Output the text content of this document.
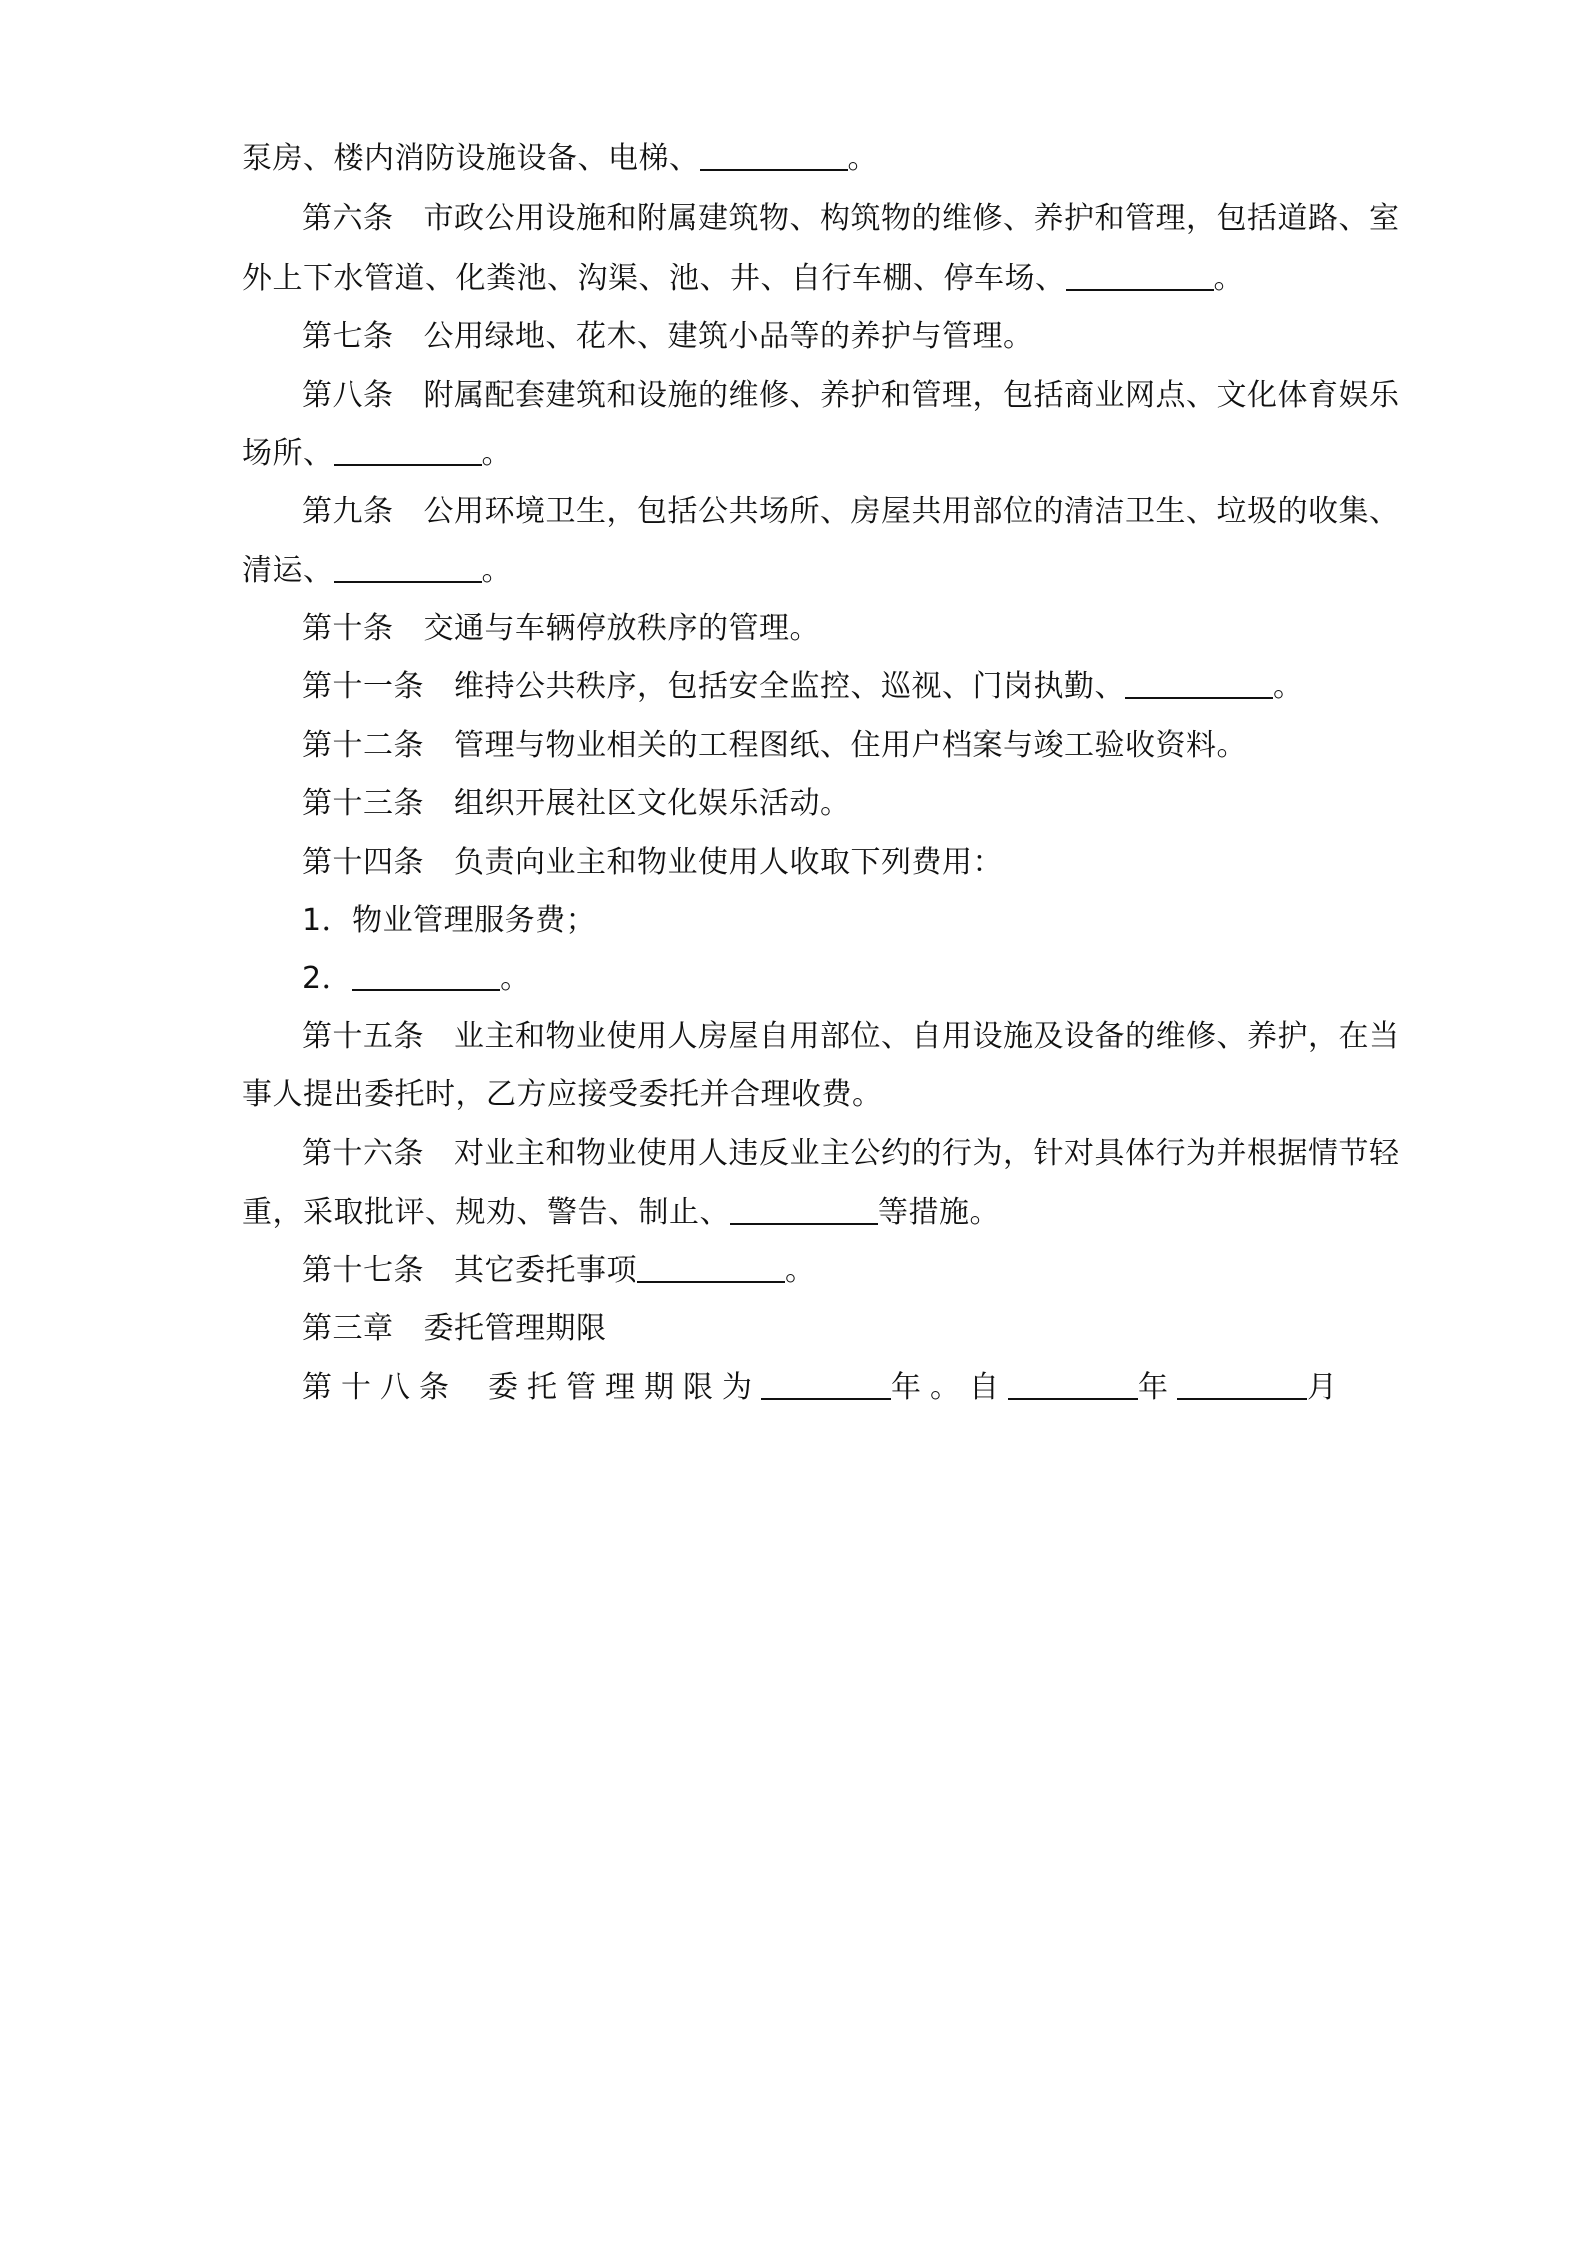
泵房、楼内消防设施设备、电梯、	。
第六条 市政公用设施和附属建筑物、构筑物的维修、养护和管理，包括道路、室
外上下水管道、化粪池、沟渠、池、井、自行车棚、停车场、	。
第七条 公用绿地、花木、建筑小品等的养护与管理。
第八条 附属配套建筑和设施的维修、养护和管理，包括商业网点、文化体育娱乐
场所、	。
第九条 公用环境卫生，包括公共场所、房屋共用部位的清洁卫生、垃圾的收集、
清运、	。
第十条 交通与车辆停放秩序的管理。
第十一条 维持公共秩序，包括安全监控、巡视、门岗执勤、	。
第十二条 管理与物业相关的工程图纸、住用户档案与竣工验收资料。
第十三条 组织开展社区文化娱乐活动。
第十四条 负责向业主和物业使用人收取下列费用：
1．物业管理服务费；
2．	。
第十五条 业主和物业使用人房屋自用部位、自用设施及设备的维修、养护，在当
事人提出委托时，乙方应接受委托并合理收费。
第十六条 对业主和物业使用人违反业主公约的行为，针对具体行为并根据情节轻
重，采取批评、规劝、警告、制止、	等措施。
第十七条 其它委托事项	。
第三章 委托管理期限
第十八条 委托管理期限为	年。自	年	月
